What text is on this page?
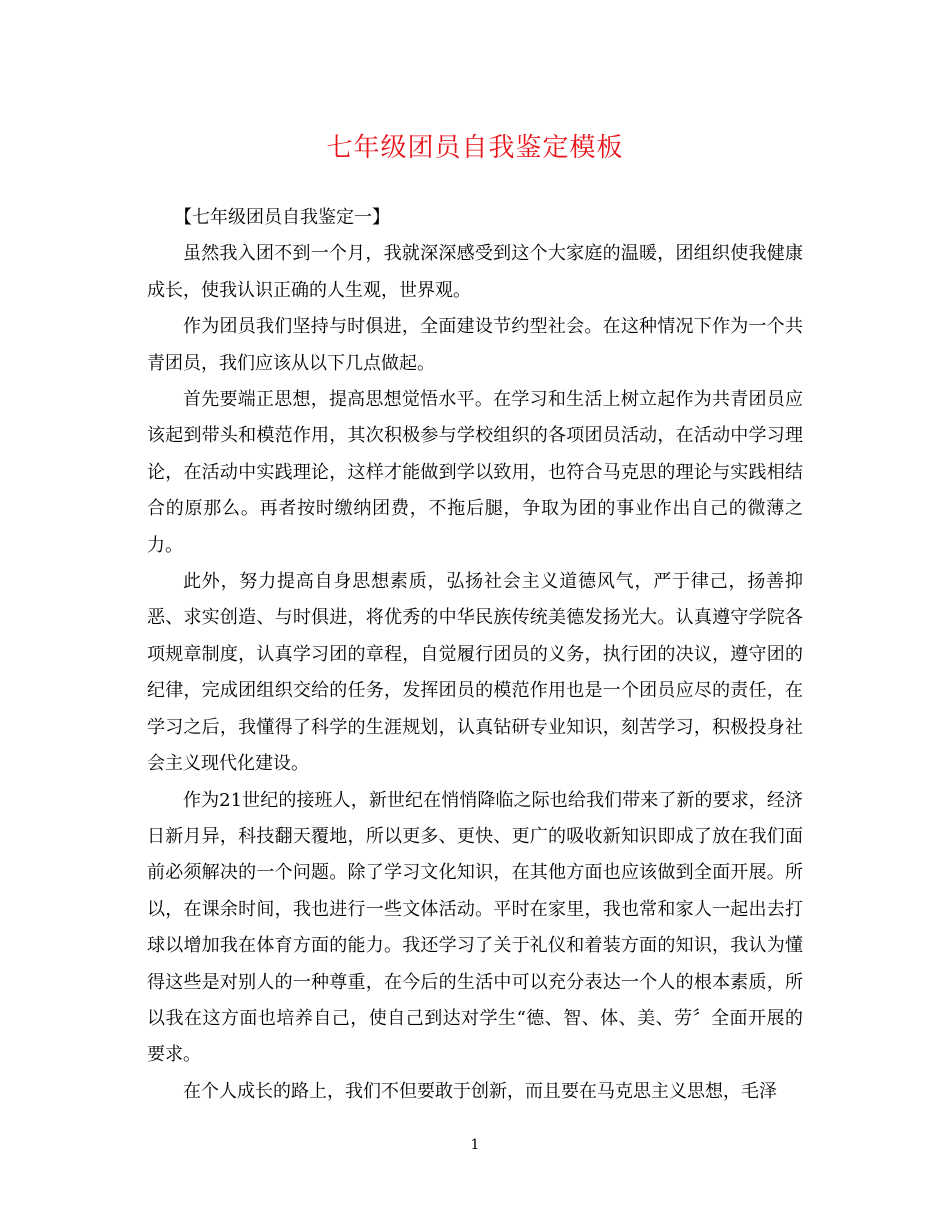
七年级团员自我鉴定模板

【七年级团员自我鉴定一】

虽然我入团不到一个月，我就深深感受到这个大家庭的温暖，团组织使我健康成长，使我认识正确的人生观，世界观。

作为团员我们坚持与时俱进，全面建设节约型社会。在这种情况下作为一个共青团员，我们应该从以下几点做起。

首先要端正思想，提高思想觉悟水平。在学习和生活上树立起作为共青团员应该起到带头和模范作用，其次积极参与学校组织的各项团员活动，在活动中学习理论，在活动中实践理论，这样才能做到学以致用，也符合马克思的理论与实践相结合的原那么。再者按时缴纳团费，不拖后腿，争取为团的事业作出自己的微薄之力。

此外，努力提高自身思想素质，弘扬社会主义道德风气，严于律己，扬善抑恶、求实创造、与时俱进，将优秀的中华民族传统美德发扬光大。认真遵守学院各项规章制度，认真学习团的章程，自觉履行团员的义务，执行团的决议，遵守团的纪律，完成团组织交给的任务，发挥团员的模范作用也是一个团员应尽的责任，在学习之后，我懂得了科学的生涯规划，认真钻研专业知识，刻苦学习，积极投身社会主义现代化建设。

作为21世纪的接班人，新世纪在悄悄降临之际也给我们带来了新的要求，经济日新月异，科技翻天覆地，所以更多、更快、更广的吸收新知识即成了放在我们面前必须解决的一个问题。除了学习文化知识，在其他方面也应该做到全面开展。所以，在课余时间，我也进行一些文体活动。平时在家里，我也常和家人一起出去打球以增加我在体育方面的能力。我还学习了关于礼仪和着装方面的知识，我认为懂得这些是对别人的一种尊重，在今后的生活中可以充分表达一个人的根本素质，所以我在这方面也培养自己，使自己到达对学生“德、智、体、美、劳〞全面开展的要求。

在个人成长的路上，我们不但要敢于创新，而且要在马克思主义思想，毛泽

1
